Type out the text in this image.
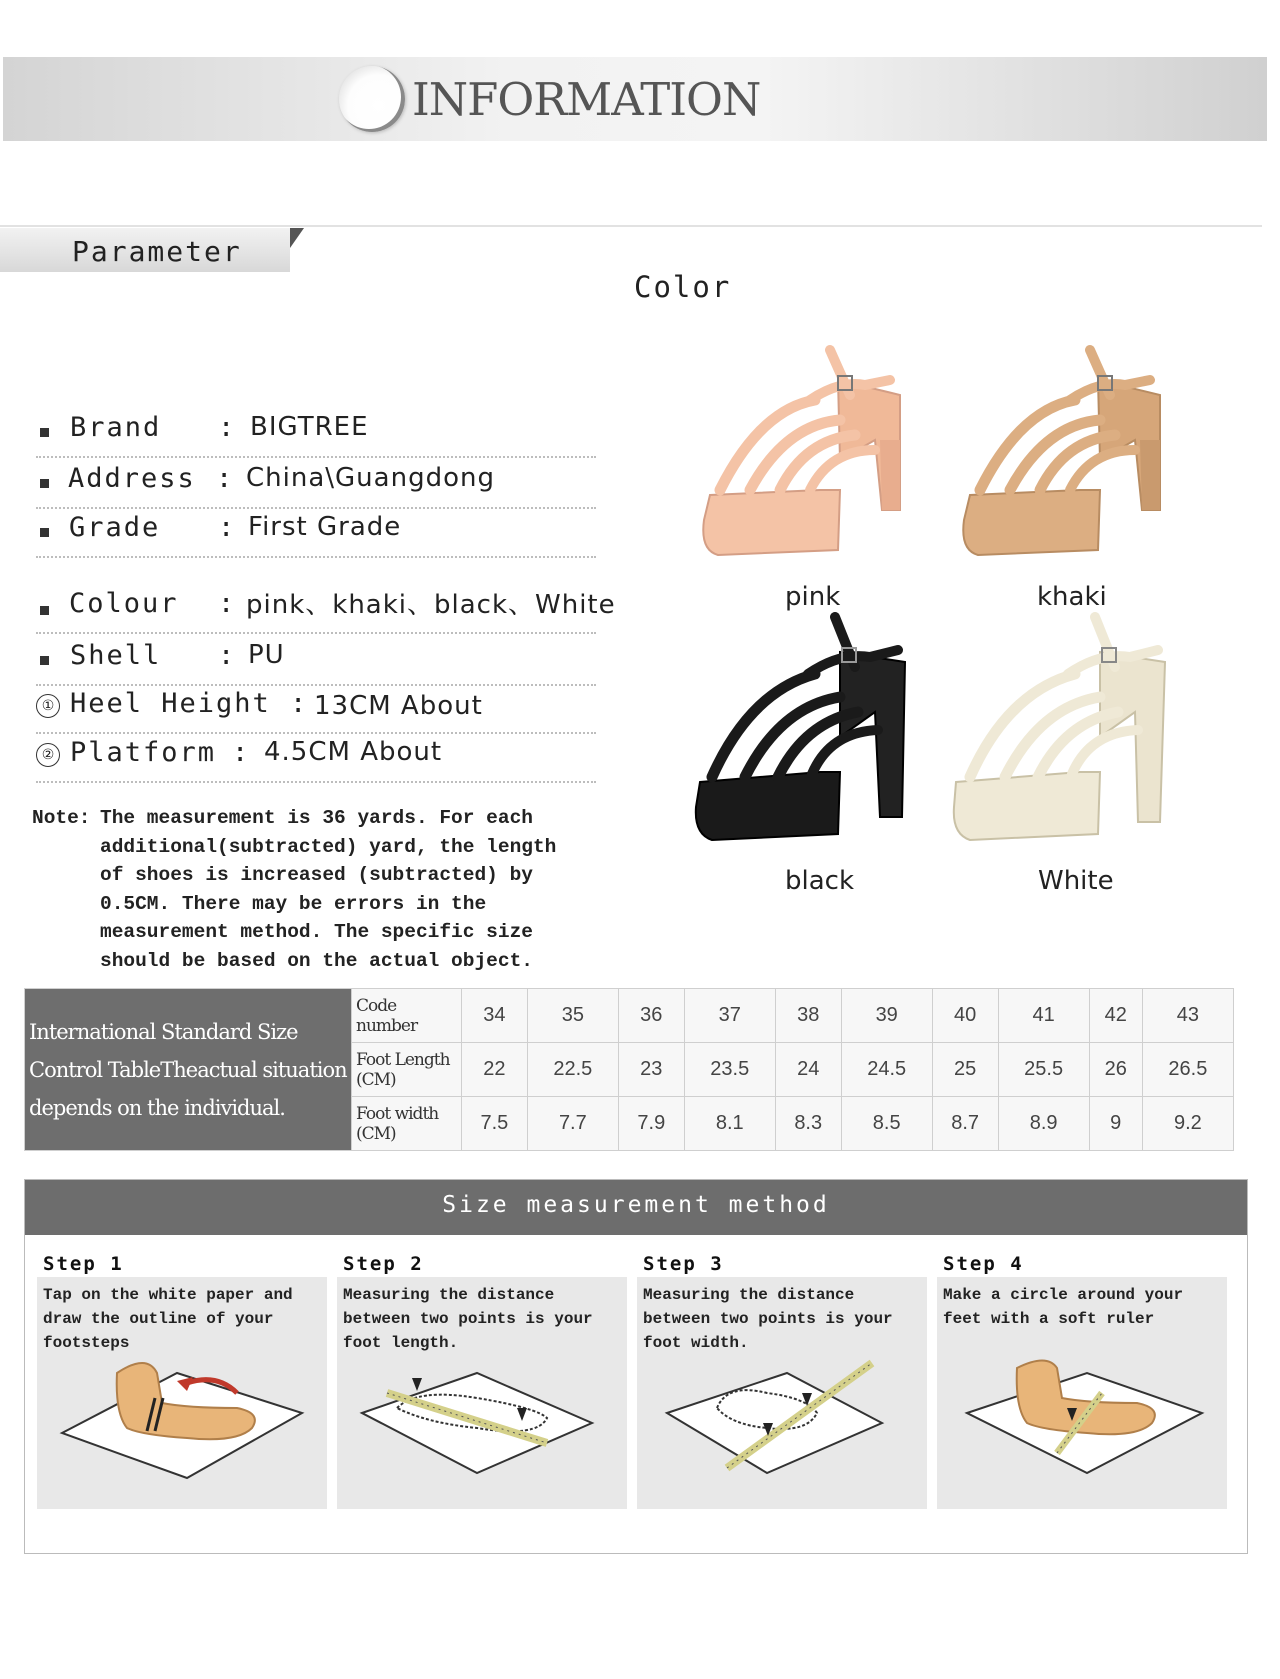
INFORMATION
Parameter
Color
Brand : BIGTREE
Address : China\Guangdong
Grade : First Grade
Colour : pink、khaki、black、White
Shell : PU
① Heel Height : 13CM About
② Platform : 4.5CM About
Note: The measurement is 36 yards. For each additional(subtracted) yard, the length of shoes is increased (subtracted) by 0.5CM. There may be errors in the measurement method. The specific size should be based on the actual object.
pink	khaki
black	White
International Standard Size Control TableTheactual situation depends on the individual.	Code number	34	35	36	37	38	39	40	41	42	43
	Foot Length (CM)	22	22.5	23	23.5	24	24.5	25	25.5	26	26.5
	Foot width (CM)	7.5	7.7	7.9	8.1	8.3	8.5	8.7	8.9	9	9.2
Size measurement method
Step 1
Tap on the white paper and draw the outline of your footsteps
Step 2
Measuring the distance between two points is your foot length.
Step 3
Measuring the distance between two points is your foot width.
Step 4
Make a circle around your feet with a soft ruler
